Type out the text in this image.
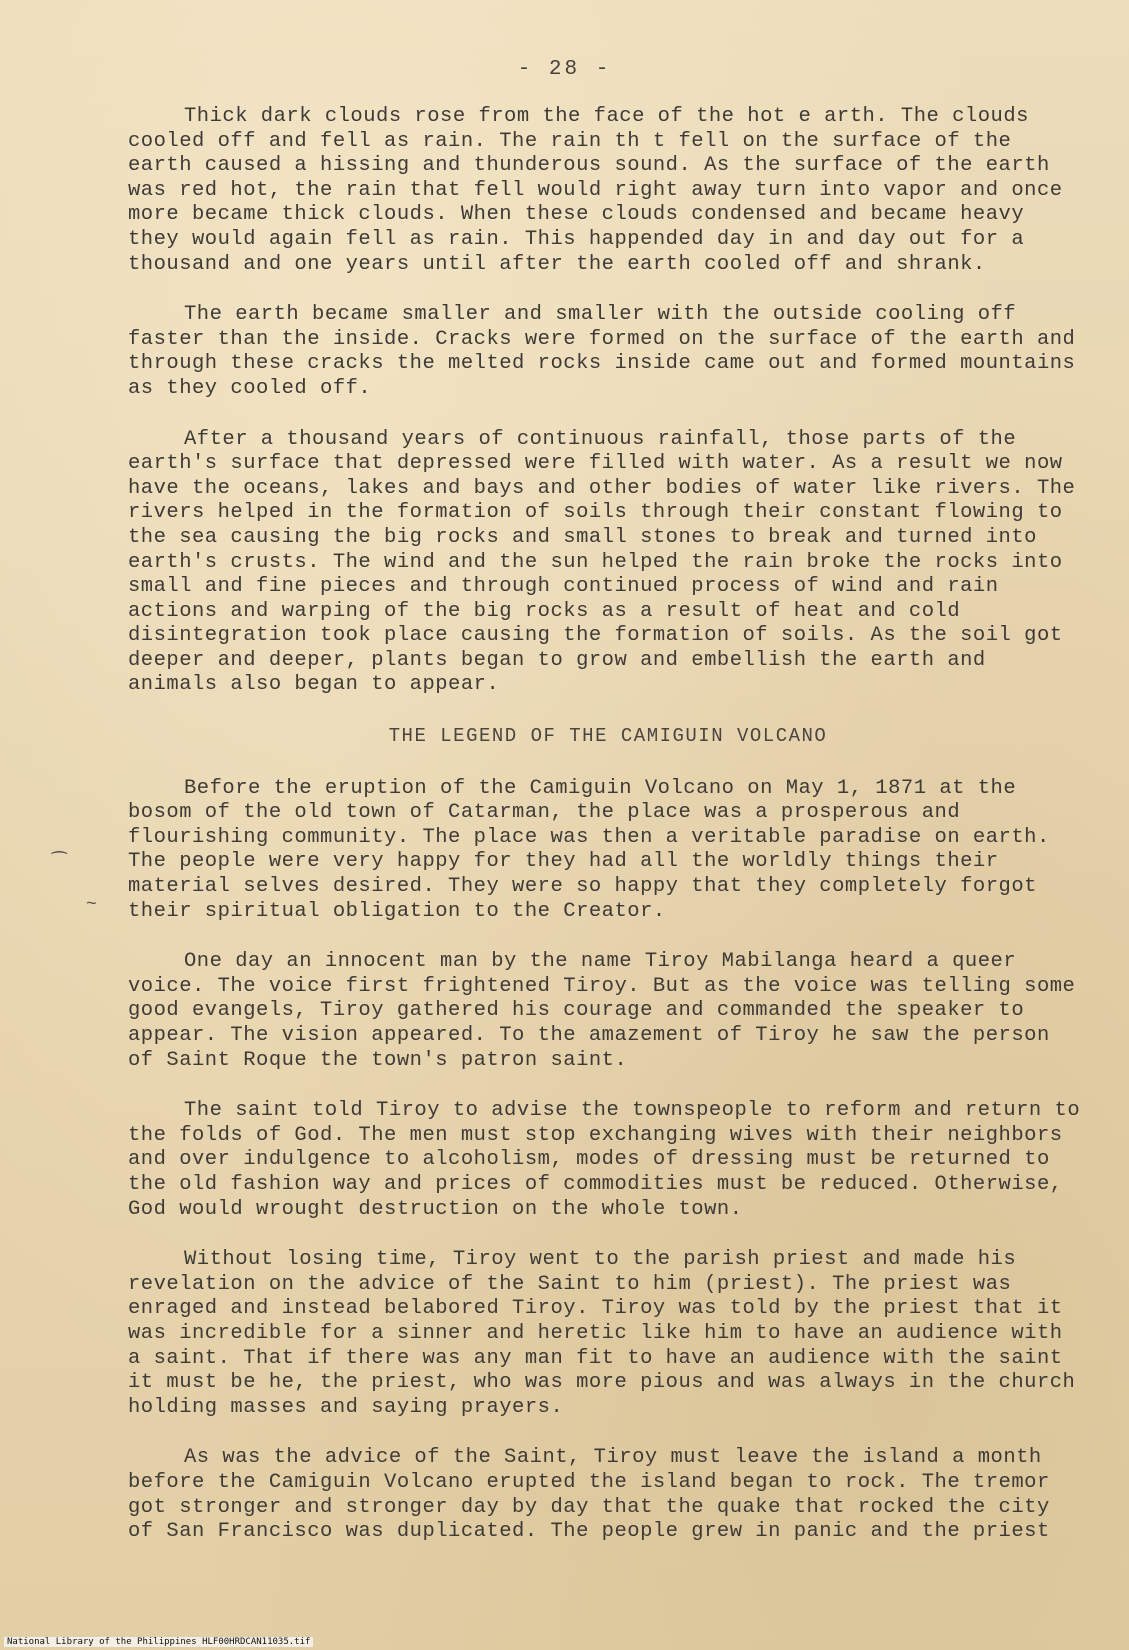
- 28 -
⁀
~

Thick dark clouds rose from the face of the hot e arth. The clouds cooled off and fell as rain. The rain th t fell on the surface of the earth caused a hissing and thunderous sound. As the surface of the earth was red hot, the rain that fell would right away turn into vapor and once more became thick clouds. When these clouds condensed and became heavy they would again fell as rain. This happended day in and day out for a thousand and one years until after the earth cooled off and shrank.

The earth became smaller and smaller with the outside cooling off faster than the inside. Cracks were formed on the surface of the earth and through these cracks the melted rocks inside came out and formed mountains as they cooled off.

After a thousand years of continuous rainfall, those parts of the earth's surface that depressed were filled with water. As a result we now have the oceans, lakes and bays and other bodies of water like rivers. The rivers helped in the formation of soils through their constant flowing to the sea causing the big rocks and small stones to break and turned into earth's crusts. The wind and the sun helped the rain broke the rocks into small and fine pieces and through continued process of wind and rain actions and warping of the big rocks as a result of heat and cold disintegration took place causing the formation of soils. As the soil got deeper and deeper, plants began to grow and embellish the earth and animals also began to appear.

THE LEGEND OF THE CAMIGUIN VOLCANO

Before the eruption of the Camiguin Volcano on May 1, 1871 at the bosom of the old town of Catarman, the place was a prosperous and flourishing community. The place was then a veritable paradise on earth. The people were very happy for they had all the worldly things their material selves desired. They were so happy that they completely forgot their spiritual obligation to the Creator.

One day an innocent man by the name Tiroy Mabilanga heard a queer voice. The voice first frightened Tiroy. But as the voice was telling some good evangels, Tiroy gathered his courage and commanded the speaker to appear. The vision appeared. To the amazement of Tiroy he saw the person of Saint Roque the town's patron saint.

The saint told Tiroy to advise the townspeople to reform and return to the folds of God. The men must stop exchanging wives with their neighbors and over indulgence to alcoholism, modes of dressing must be returned to the old fashion way and prices of commodities must be reduced. Otherwise, God would wrought destruction on the whole town.

Without losing time, Tiroy went to the parish priest and made his revelation on the advice of the Saint to him (priest). The priest was enraged and instead belabored Tiroy. Tiroy was told by the priest that it was incredible for a sinner and heretic like him to have an audience with a saint. That if there was any man fit to have an audience with the saint it must be he, the priest, who was more pious and was always in the church holding masses and saying prayers.

As was the advice of the Saint, Tiroy must leave the island a month before the Camiguin Volcano erupted the island began to rock. The tremor got stronger and stronger day by day that the quake that rocked the city of San Francisco was duplicated. The people grew in panic and the priest

National Library of the Philippines HLF00HRDCAN11035.tif
